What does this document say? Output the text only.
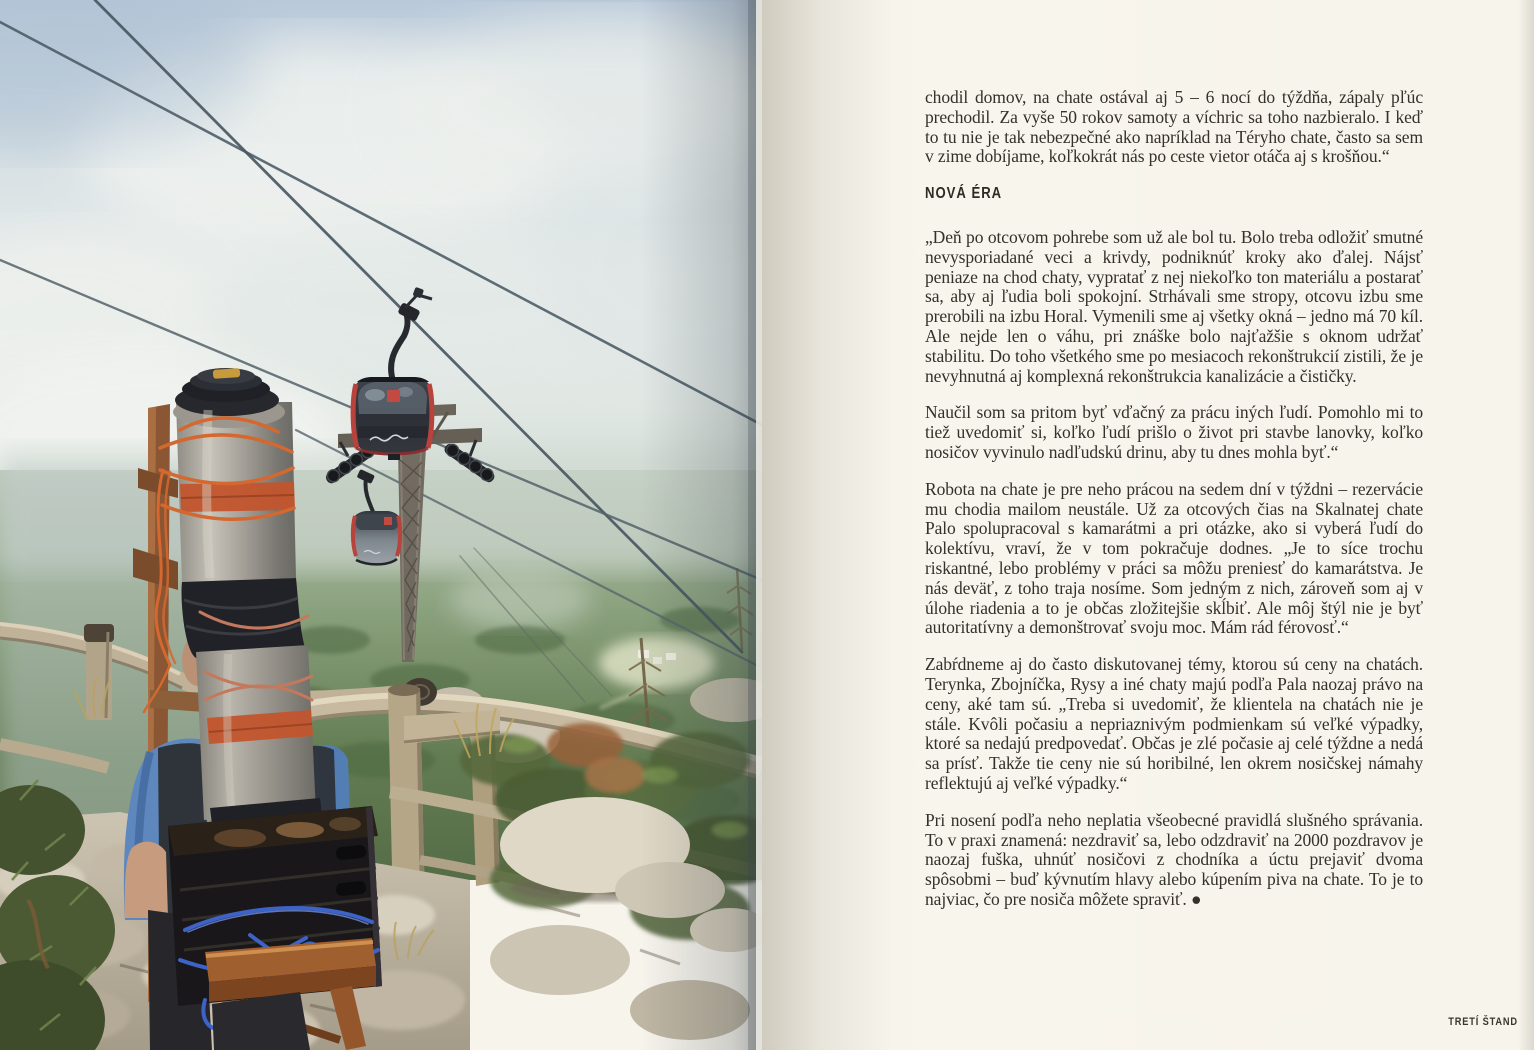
chodil domov, na chate ostával aj 5 – 6 nocí do týždňa, zápaly pľúc prechodil. Za vyše 50 rokov samoty a víchric sa toho nazbieralo. I keď to tu nie je tak nebezpečné ako napríklad na Téryho chate, často sa sem v zime dobíjame, koľkokrát nás po ceste vietor otáča aj s krošňou.“

NOVÁ ÉRA

„Deň po otcovom pohrebe som už ale bol tu. Bolo treba odložiť smutné nevysporiadané veci a krivdy, podniknúť kroky ako ďalej. Nájsť peniaze na chod chaty, vypratať z nej niekoľko ton materiálu a postarať sa, aby aj ľudia boli spokojní. Strhávali sme stropy, otcovu izbu sme prerobili na izbu Horal. Vymenili sme aj všetky okná – jedno má 70 kíl. Ale nejde len o váhu, pri znáške bolo najťažšie s oknom udržať stabilitu. Do toho všetkého sme po mesiacoch rekonštrukcií zistili, že je nevyhnutná aj komplexná rekonštrukcia kanalizácie a čističky.

Naučil som sa pritom byť vďačný za prácu iných ľudí. Pomohlo mi to tiež uvedomiť si, koľko ľudí prišlo o život pri stavbe lanovky, koľko nosičov vyvinulo nadľudskú drinu, aby tu dnes mohla byť.“

Robota na chate je pre neho prácou na sedem dní v týždni – rezervácie mu chodia mailom neustále. Už za otcových čias na Skalnatej chate Palo spolupracoval s kamarátmi a pri otázke, ako si vyberá ľudí do kolektívu, vraví, že v tom pokračuje dodnes. „Je to síce trochu riskantné, lebo problémy v práci sa môžu preniesť do kamarátstva. Je nás deväť, z toho traja nosíme. Som jedným z nich, zároveň som aj v úlohe riadenia a to je občas zložitejšie skĺbiť. Ale môj štýl nie je byť autoritatívny a demonštrovať svoju moc. Mám rád férovosť.“

Zabŕdneme aj do často diskutovanej témy, ktorou sú ceny na chatách. Terynka, Zbojníčka, Rysy a iné chaty majú podľa Pala naozaj právo na ceny, aké tam sú. „Treba si uvedomiť, že klientela na chatách nie je stále. Kvôli počasiu a nepriaznivým podmienkam sú veľké výpadky, ktoré sa nedajú predpovedať. Občas je zlé počasie aj celé týždne a nedá sa prísť. Takže tie ceny nie sú horibilné, len okrem nosičskej námahy reflektujú aj veľké výpadky.“

Pri nosení podľa neho neplatia všeobecné pravidlá slušného správania. To v praxi znamená: nezdraviť sa, lebo odzdraviť na 2000 pozdravov je naozaj fuška, uhnúť nosičovi z chodníka a úctu prejaviť dvoma spôsobmi – buď kývnutím hlavy alebo kúpením piva na chate. To je to najviac, čo pre nosiča môžete spraviť. ●

TRETÍ ŠTAND
